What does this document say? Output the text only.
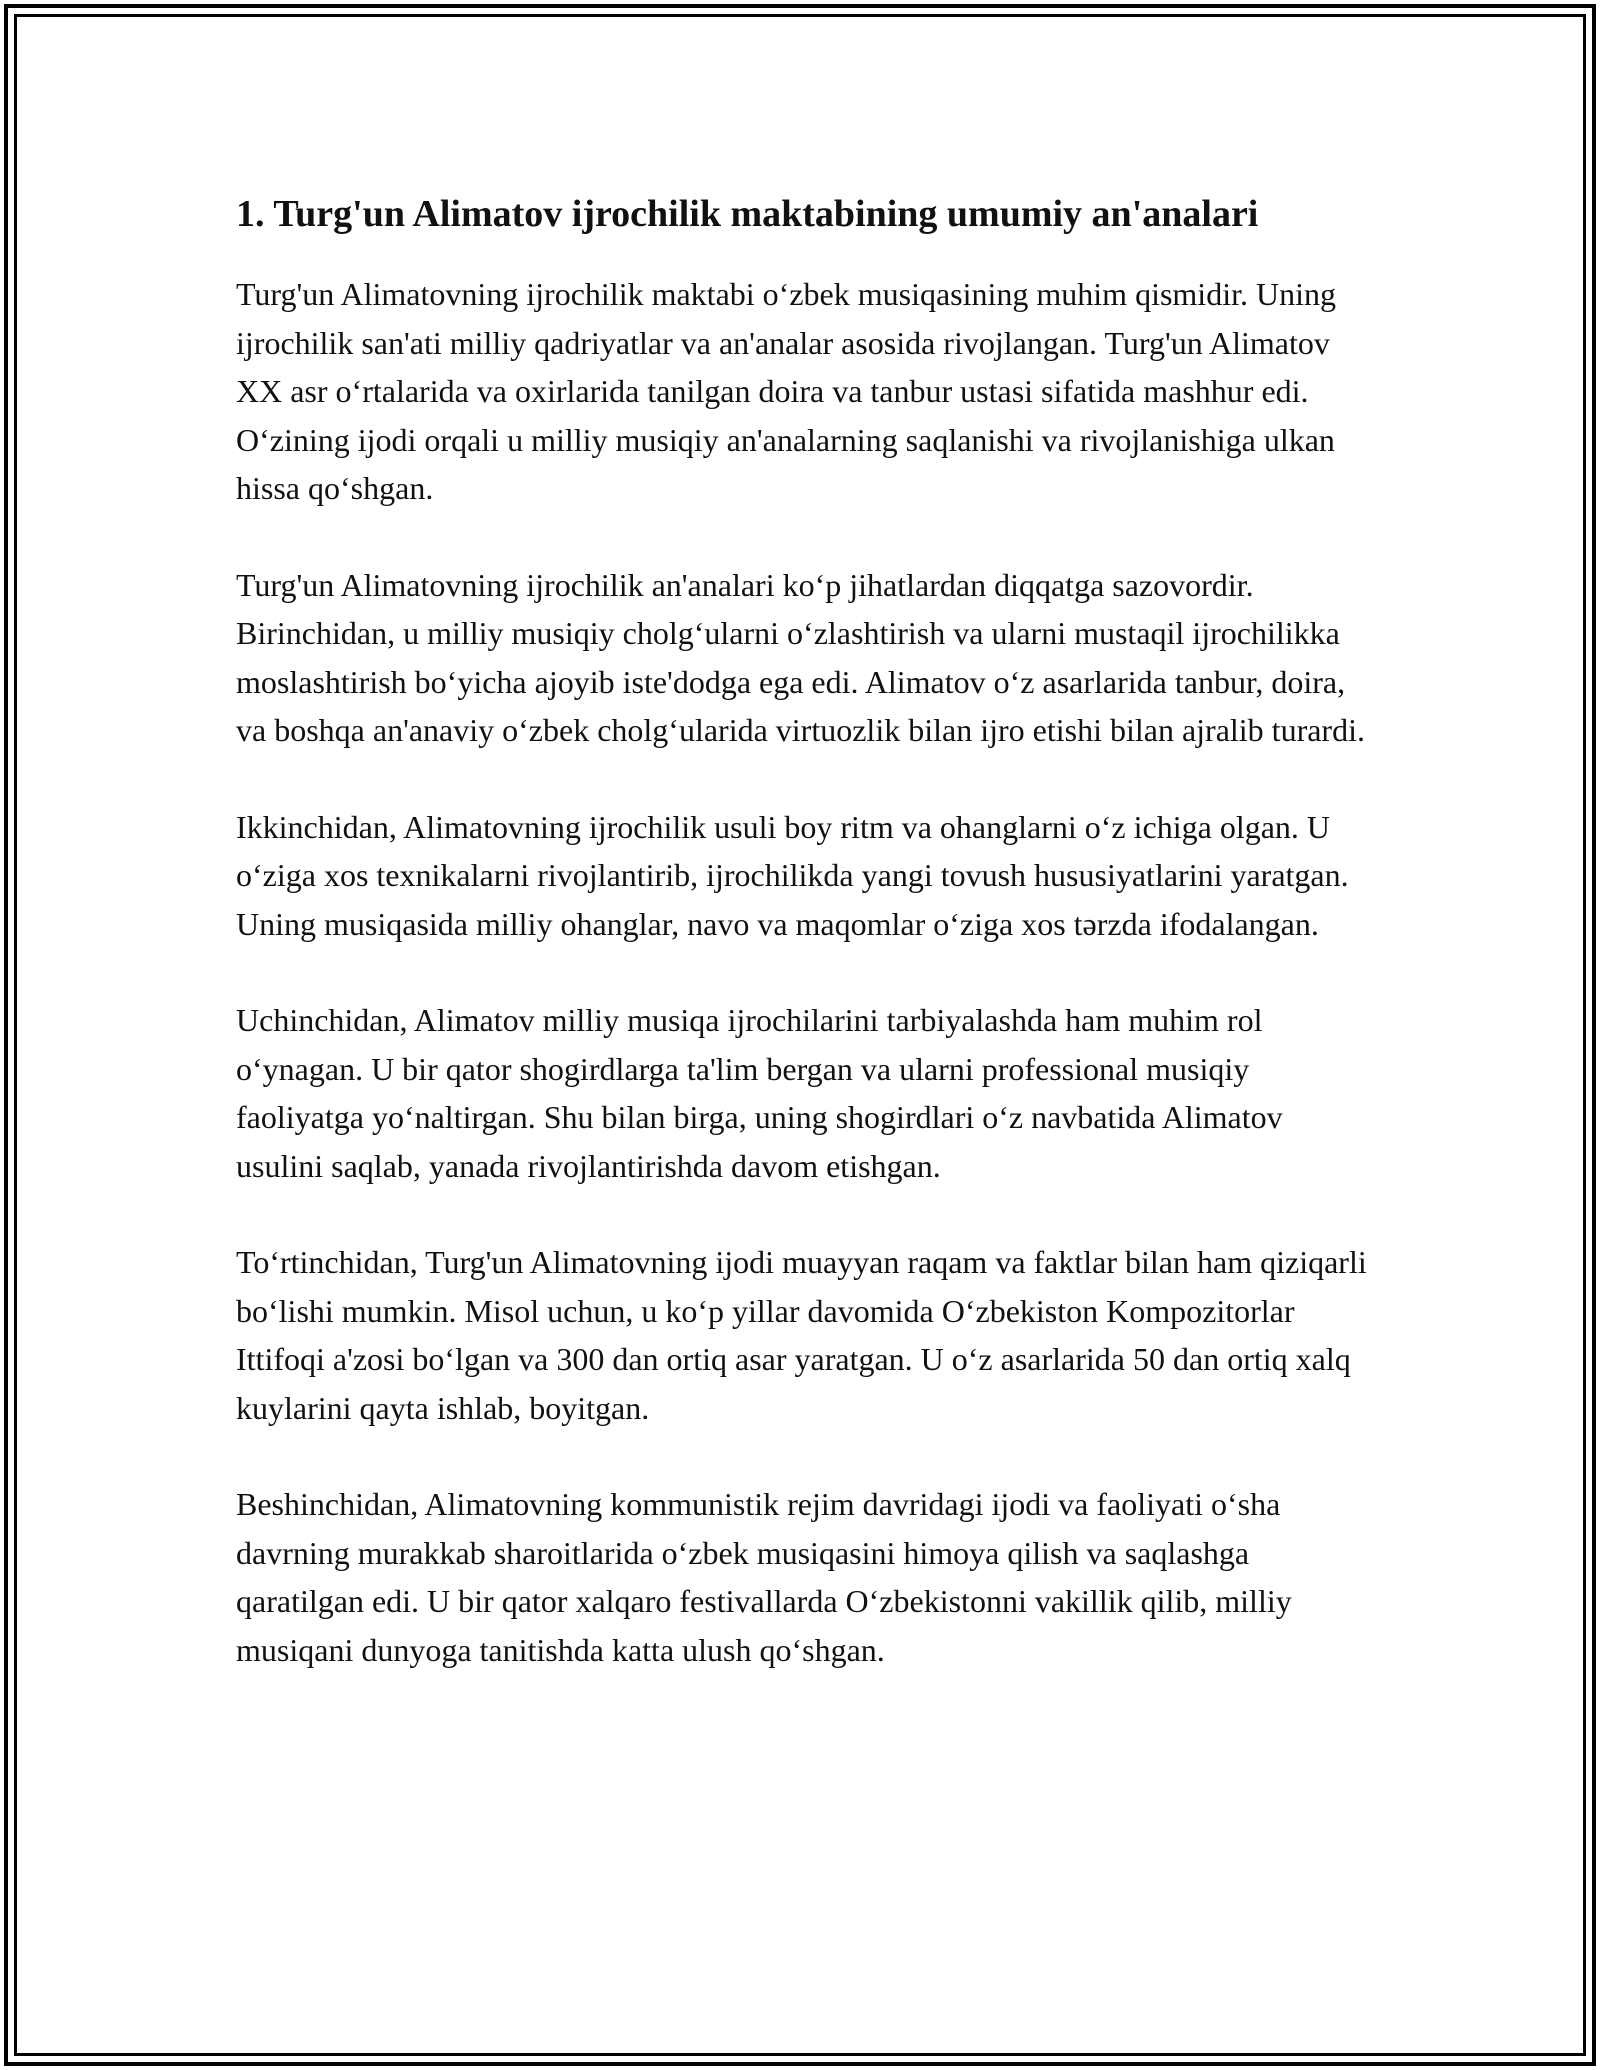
1. Turg'un Alimatov ijrochilik maktabining umumiy an'analari

Turg'un Alimatovning ijrochilik maktabi oʻzbek musiqasining muhim qismidir. Uning ijrochilik san'ati milliy qadriyatlar va an'analar asosida rivojlangan. Turg'un Alimatov XX asr oʻrtalarida va oxirlarida tanilgan doira va tanbur ustasi sifatida mashhur edi. Oʻzining ijodi orqali u milliy musiqiy an'analarning saqlanishi va rivojlanishiga ulkan hissa qoʻshgan.

Turg'un Alimatovning ijrochilik an'analari koʻp jihatlardan diqqatga sazovordir. Birinchidan, u milliy musiqiy cholgʻularni oʻzlashtirish va ularni mustaqil ijrochilikka moslashtirish boʻyicha ajoyib iste'dodga ega edi. Alimatov oʻz asarlarida tanbur, doira, va boshqa an'anaviy oʻzbek cholgʻularida virtuozlik bilan ijro etishi bilan ajralib turardi.

Ikkinchidan, Alimatovning ijrochilik usuli boy ritm va ohanglarni oʻz ichiga olgan. U oʻziga xos texnikalarni rivojlantirib, ijrochilikda yangi tovush hususiyatlarini yaratgan. Uning musiqasida milliy ohanglar, navo va maqomlar oʻziga xos tərzda ifodalangan.

Uchinchidan, Alimatov milliy musiqa ijrochilarini tarbiyalashda ham muhim rol oʻynagan. U bir qator shogirdlarga ta'lim bergan va ularni professional musiqiy faoliyatga yoʻnaltirgan. Shu bilan birga, uning shogirdlari oʻz navbatida Alimatov usulini saqlab, yanada rivojlantirishda davom etishgan.

Toʻrtinchidan, Turg'un Alimatovning ijodi muayyan raqam va faktlar bilan ham qiziqarli boʻlishi mumkin. Misol uchun, u koʻp yillar davomida Oʻzbekiston Kompozitorlar Ittifoqi a'zosi boʻlgan va 300 dan ortiq asar yaratgan. U oʻz asarlarida 50 dan ortiq xalq kuylarini qayta ishlab, boyitgan.

Beshinchidan, Alimatovning kommunistik rejim davridagi ijodi va faoliyati oʻsha davrning murakkab sharoitlarida oʻzbek musiqasini himoya qilish va saqlashga qaratilgan edi. U bir qator xalqaro festivallarda Oʻzbekistonni vakillik qilib, milliy musiqani dunyoga tanitishda katta ulush qoʻshgan.
